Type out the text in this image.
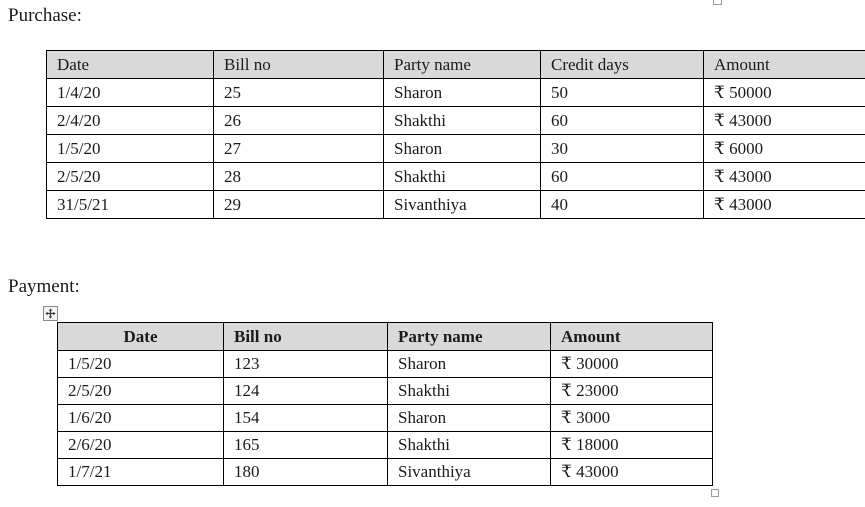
Purchase:
Date	Bill no	Party name	Credit days	Amount
1/4/20	25	Sharon	50	₹ 50000
2/4/20	26	Shakthi	60	₹ 43000
1/5/20	27	Sharon	30	₹ 6000
2/5/20	28	Shakthi	60	₹ 43000
31/5/21	29	Sivanthiya	40	₹ 43000
Payment:
Date	Bill no	Party name	Amount
1/5/20	123	Sharon	₹ 30000
2/5/20	124	Shakthi	₹ 23000
1/6/20	154	Sharon	₹ 3000
2/6/20	165	Shakthi	₹ 18000
1/7/21	180	Sivanthiya	₹ 43000
